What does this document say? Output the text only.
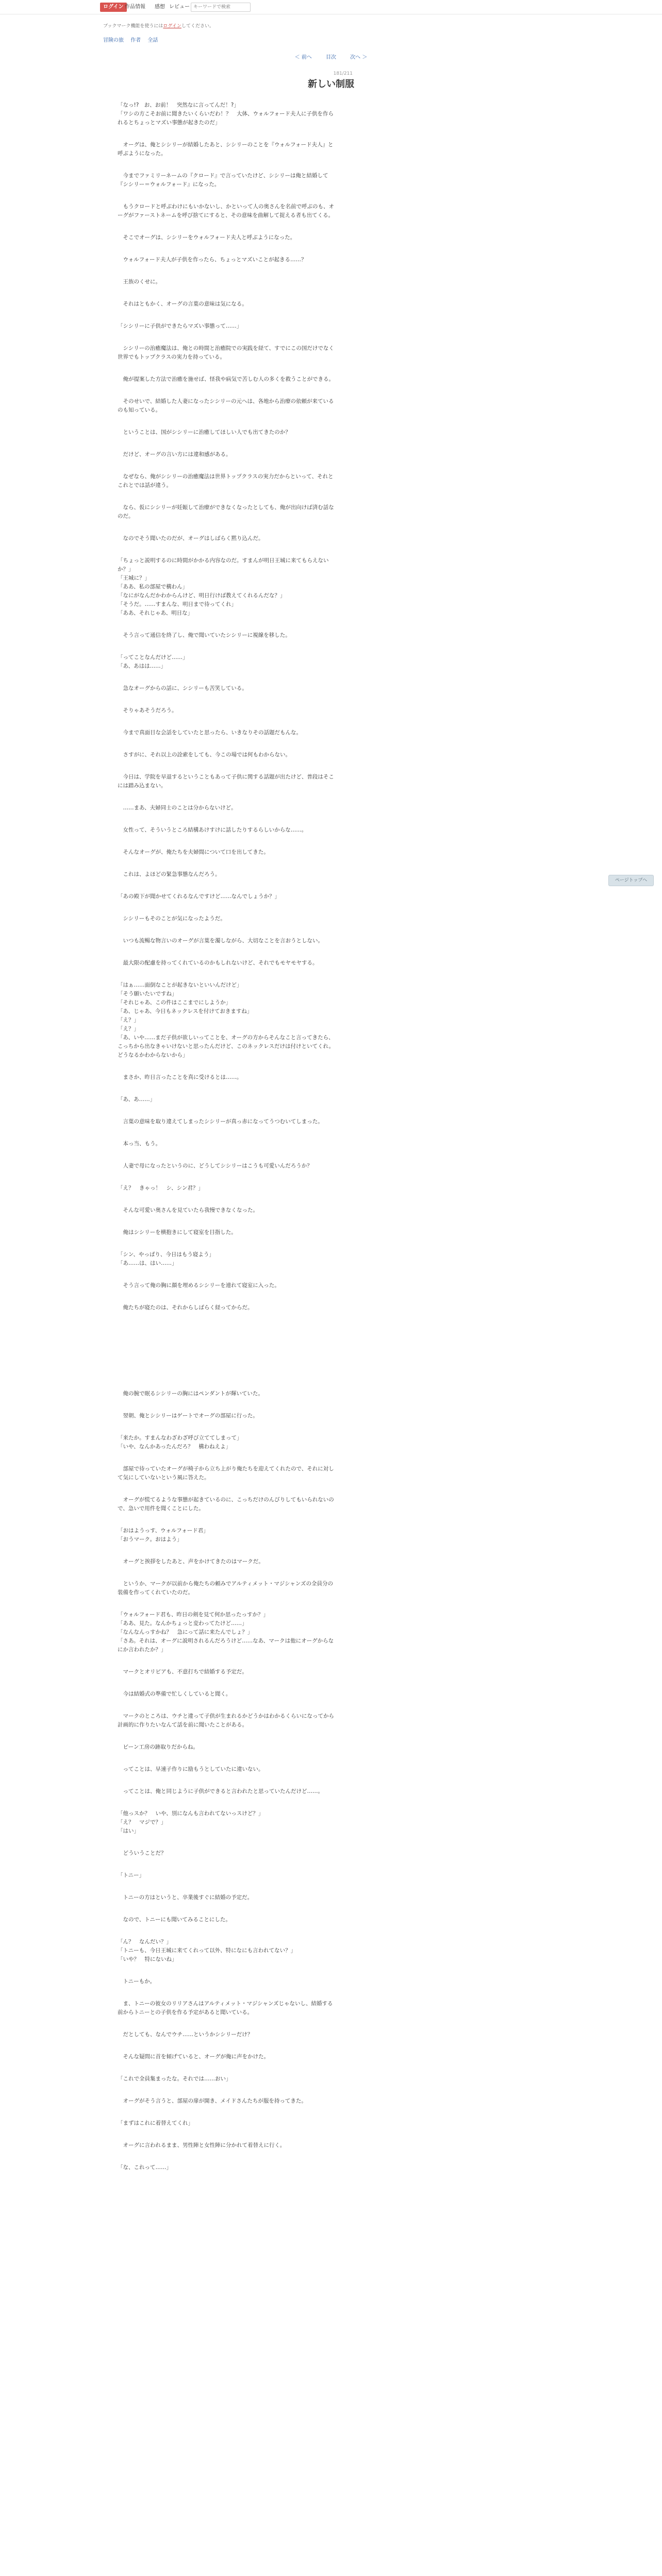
ログイン 作品情報 感想 レビュー
キーワードで検索
ブックマーク機能を使うにはログインしてください。
冒険の旅 作者 全話
＜ 前へ	目次	次へ ＞
181/211
新しい制服

「なっ!?　お、お前！　突然なに言ってんだ！?」
「ワシの方こそお前に聞きたいくらいだわ！？　大体、ウォルフォード夫人に子供を作られるとちょっとマズい事態が起きたのだ」

　オーグは、俺とシシリーが結婚したあと、シシリーのことを『ウォルフォード夫人』と呼ぶようになった。

　今までファミリーネームの『クロード』で言っていたけど、シシリーは俺と結婚して『シシリー＝ウォルフォード』になった。

　もうクロードと呼ぶわけにもいかないし、かといって人の奥さんを名前で呼ぶのも、オーグがファーストネームを呼び捨てにすると、その意味を曲解して捉える者も出てくる。

　そこでオーグは、シシリーをウォルフォード夫人と呼ぶようになった。

　ウォルフォード夫人が子供を作ったら、ちょっとマズいことが起きる……？

　王族のくせに。

　それはともかく、オーグの言葉の意味は気になる。

「シシリーに子供ができたらマズい事態って……」

　シシリーの治癒魔法は、俺との時間と治癒院での実践を経て、すでにこの国だけでなく世界でもトップクラスの実力を持っている。

　俺が提案した方法で治癒を施せば、怪我や病気で苦しむ人の多くを救うことができる。

　そのせいで、結婚した人妻になったシシリーの元へは、各地から治療の依頼が来ているのも知っている。

　ということは、国がシシリーに治癒してほしい人でも出てきたのか？

　だけど、オーグの言い方には違和感がある。

　なぜなら、俺がシシリーの治癒魔法は世界トップクラスの実力だからといって、それとこれとでは話が違う。

　なら、仮にシシリーが妊娠して治療ができなくなったとしても、俺が出向けば済む話なのだ。

　なのでそう聞いたのだが、オーグはしばらく黙り込んだ。

「ちょっと説明するのに時間がかかる内容なのだ。すまんが明日王城に来てもらえないか？」
「王城に？」
「ああ、私の部屋で構わん」
「なにがなんだかわからんけど、明日行けば教えてくれるんだな？」
「そうだ。……すまんな、明日まで待ってくれ」
「ああ、それじゃあ、明日な」

　そう言って通信を終了し、俺で聞いていたシシリーに視線を移した。

「ってことなんだけど……」
「あ、あはは……」

　急なオーグからの話に、シシリーも苦笑している。

　そりゃあそうだろう。

　今まで真面目な会話をしていたと思ったら、いきなりその話題だもんな。

　さすがに、それ以上の詮索をしても、今この場では何もわからない。

　今日は、学院を早退するということもあって子供に関する話題が出たけど、普段はそこには踏み込まない。

　……まあ、夫婦同士のことは分からないけど。

　女性って、そういうところ結構あけすけに話したりするらしいからな……。

　そんなオーグが、俺たちを夫婦間について口を出してきた。

　これは、よほどの緊急事態なんだろう。

「あの殿下が聞かせてくれるなんですけど……なんでしょうか？」

　シシリーもそのことが気になったようだ。

　いつも流暢な物言いのオーグが言葉を濁しながら、大切なことを言おうとしない。

　最大限の配慮を持ってくれているのかもしれないけど、それでもモヤモヤする。

「はぁ……面倒なことが起きないといいんだけど」
「そう願いたいですね」
「それじゃあ、この件はここまでにしようか」
「あ、じゃあ、今日もネックレスを付けておきますね」
「え？」
「え？」
「あ、いや……まだ子供が欲しいってことを、オーグの方からそんなこと言ってきたら、こっちから出なきゃいけないと思ったんだけど、このネックレスだけは付けといてくれ。どうなるかわからないから」

　まさか、昨日言ったことを真に受けるとは……。

「あ、あ……」

　言葉の意味を取り違えてしまったシシリーが真っ赤になってうつむいてしまった。

　本っ当、もう。

　人妻で母になったというのに、どうしてシシリーはこうも可愛いんだろうか？

「え？　きゃっ！　シ、シン君？」

　そんな可愛い奥さんを見ていたら我慢できなくなった。

　俺はシシリーを横抱きにして寝室を目指した。

「シン、やっぱり、今日はもう寝よう」
「あ……は、はい……」

　そう言って俺の胸に顔を埋めるシシリーを連れて寝室に入った。

　俺たちが寝たのは、それからしばらく経ってからだ。

　俺の腕で眠るシシリーの胸にはペンダントが輝いていた。

　翌朝、俺とシシリーはゲートでオーグの部屋に行った。

「来たか。すまんなわざわざ呼び立ててしまって」
「いや、なんかあったんだろ？　構わねえよ」

　部屋で待っていたオーグが椅子から立ち上がり俺たちを迎えてくれたので、それに対して気にしていないという風に答えた。

　オーグが慌てるような事態が起きているのに、こっちだけのんびりしてもいられないので、急いで用件を聞くことにした。

「おはようっす、ウォルフォード君」
「おうマーク。おはよう」

　オーグと挨拶をしたあと、声をかけてきたのはマークだ。

　というか、マークが以前から俺たちの頼みでアルティメット・マジシャンズの全員分の装備を作ってくれていたのだ。

「ウォルフォード君も、昨日の剣を見て何か思ったっすか？」
「ああ、見た。なんかちょっと変わってたけど……」
「なんなんっすかね？　急にって話に来たんでしょ？」
「さあ。それは、オーグに説明されるんだろうけど……なあ、マークは他にオーグからなにか言われたか？」

　マークとオリビアも、不意打ちで結婚する予定だ。

　今は結婚式の準備で忙しくしていると聞く。

　マークのところは、ウチと違って子供が生まれるかどうかはわかるくらいになってから計画的に作りたいなんて話を前に聞いたことがある。

　ビーン工房の跡取りだからね。

　ってことは、早速子作りに励もうとしていたに違いない。

　ってことは、俺と同じように子供ができると言われたと思っていたんだけど……。

「他っスか？　いや、別になんも言われてないっスけど？」
「え？　マジで？」
「はい」

　どういうことだ？

「トニー」

　トニーの方はというと、卒業後すぐに結婚の予定だ。

　なので、トニーにも聞いてみることにした。

「ん？　なんだい？」
「トニーも、今日王城に来てくれって以外、特になにも言われてない？」
「いや？　特にないね」

　トニーもか。

　ま、トニーの彼女のリリアさんはアルティメット・マジシャンズじゃないし、結婚する前からトニーとの子供を作る予定があると聞いている。

　だとしても、なんでウチ……というかシシリーだけ？

　そんな疑問に首を傾げていると、オーグが俺に声をかけた。

「これで全員集まったな。それでは……おい」

　オーグがそう言うと、部屋の扉が開き、メイドさんたちが服を持ってきた。

「まずはこれに着替えてくれ」

　オーグに言われるまま、男性陣と女性陣に分かれて着替えに行く。

「な、これって……」

ページトップへ
